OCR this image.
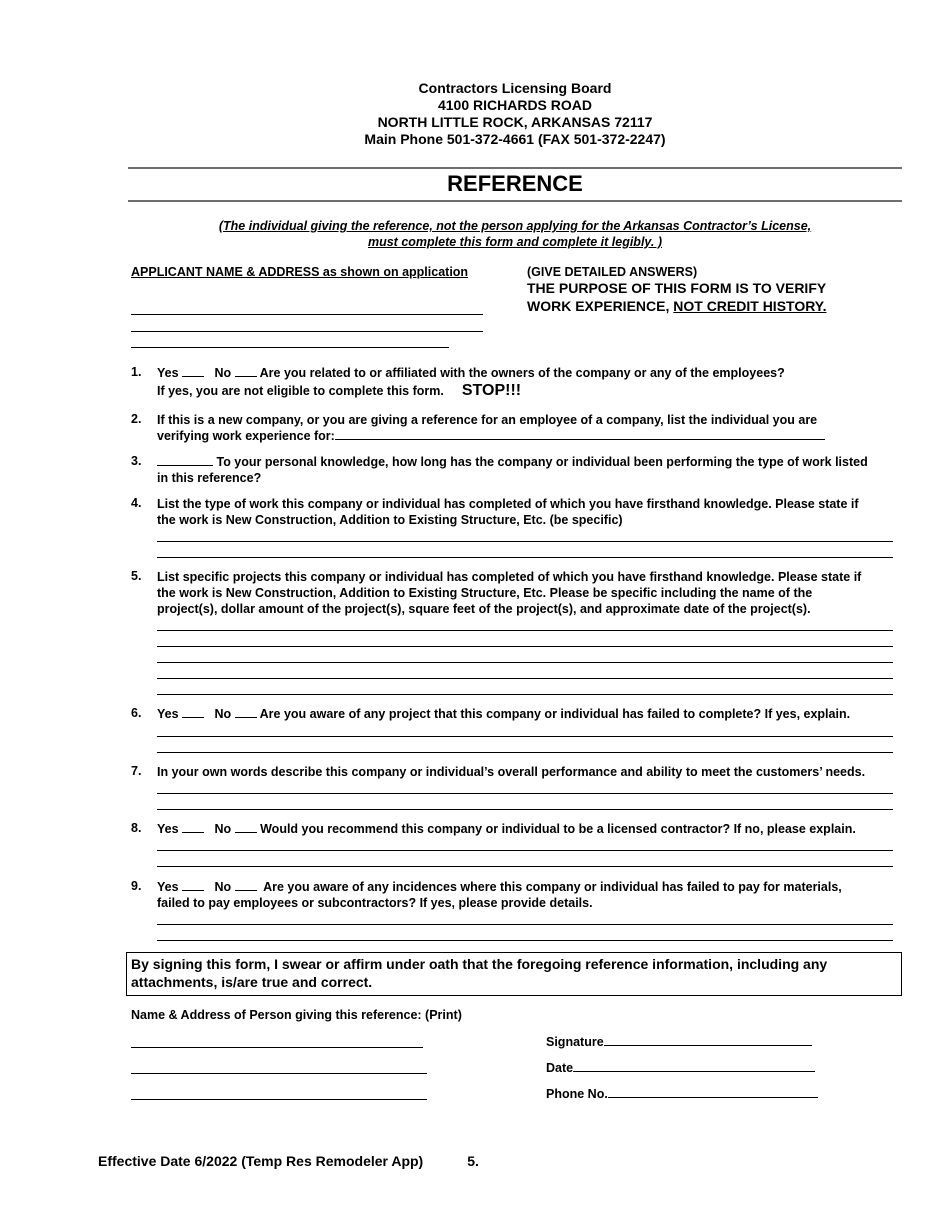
Contractors Licensing Board
4100 RICHARDS ROAD
NORTH LITTLE ROCK, ARKANSAS 72117
Main Phone 501-372-4661 (FAX 501-372-2247)
REFERENCE
(The individual giving the reference, not the person applying for the Arkansas Contractor’s License,
must complete this form and complete it legibly. )
APPLICANT NAME & ADDRESS as shown on application	(GIVE DETAILED ANSWERS)
THE PURPOSE OF THIS FORM IS TO VERIFY
WORK EXPERIENCE, NOT CREDIT HISTORY.
1. Yes	No Are you related to or affiliated with the owners of the company or any of the employees?
If yes, you are not eligible to complete this form. STOP!!!
2. If this is a new company, or you are giving a reference for an employee of a company, list the individual you are
verifying work experience for:
3.	To your personal knowledge, how long has the company or individual been performing the type of work listed
in this reference?
4. List the type of work this company or individual has completed of which you have firsthand knowledge. Please state if
the work is New Construction, Addition to Existing Structure, Etc. (be specific)
5. List specific projects this company or individual has completed of which you have firsthand knowledge. Please state if
the work is New Construction, Addition to Existing Structure, Etc. Please be specific including the name of the
project(s), dollar amount of the project(s), square feet of the project(s), and approximate date of the project(s).
6. Yes	No Are you aware of any project that this company or individual has failed to complete? If yes, explain.
7. In your own words describe this company or individual’s overall performance and ability to meet the customers’ needs.
8. Yes	No Would you recommend this company or individual to be a licensed contractor? If no, please explain.
9. Yes	No	Are you aware of any incidences where this company or individual has failed to pay for materials,
failed to pay employees or subcontractors? If yes, please provide details.
By signing this form, I swear or affirm under oath that the foregoing reference information, including any
attachments, is/are true and correct.
Name & Address of Person giving this reference: (Print)
Signature
Date
Phone No.
Effective Date 6/2022 (Temp Res Remodeler App)	5.
